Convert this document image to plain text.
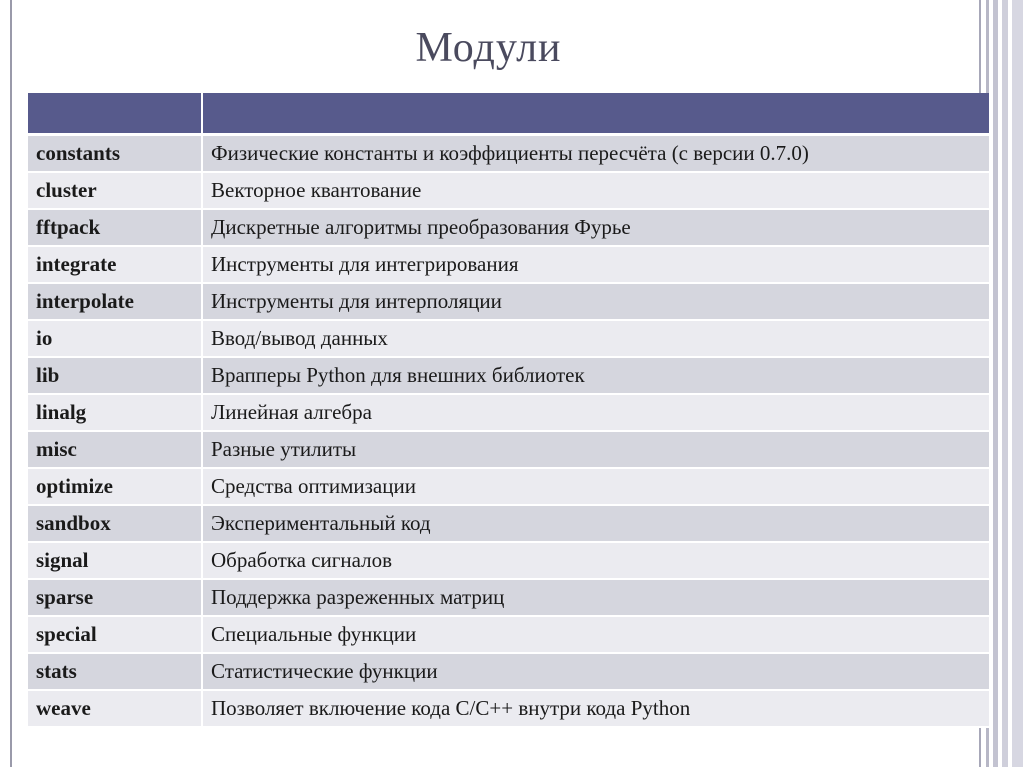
Модули

constants	Физические константы и коэффициенты пересчёта (с версии 0.7.0)
cluster	Векторное квантование
fftpack	Дискретные алгоритмы преобразования Фурье
integrate	Инструменты для интегрирования
interpolate	Инструменты для интерполяции
io	Ввод/вывод данных
lib	Врапперы Python для внешних библиотек
linalg	Линейная алгебра
misc	Разные утилиты
optimize	Средства оптимизации
sandbox	Экспериментальный код
signal	Обработка сигналов
sparse	Поддержка разреженных матриц
special	Специальные функции
stats	Статистические функции
weave	Позволяет включение кода C/C++ внутри кода Python
